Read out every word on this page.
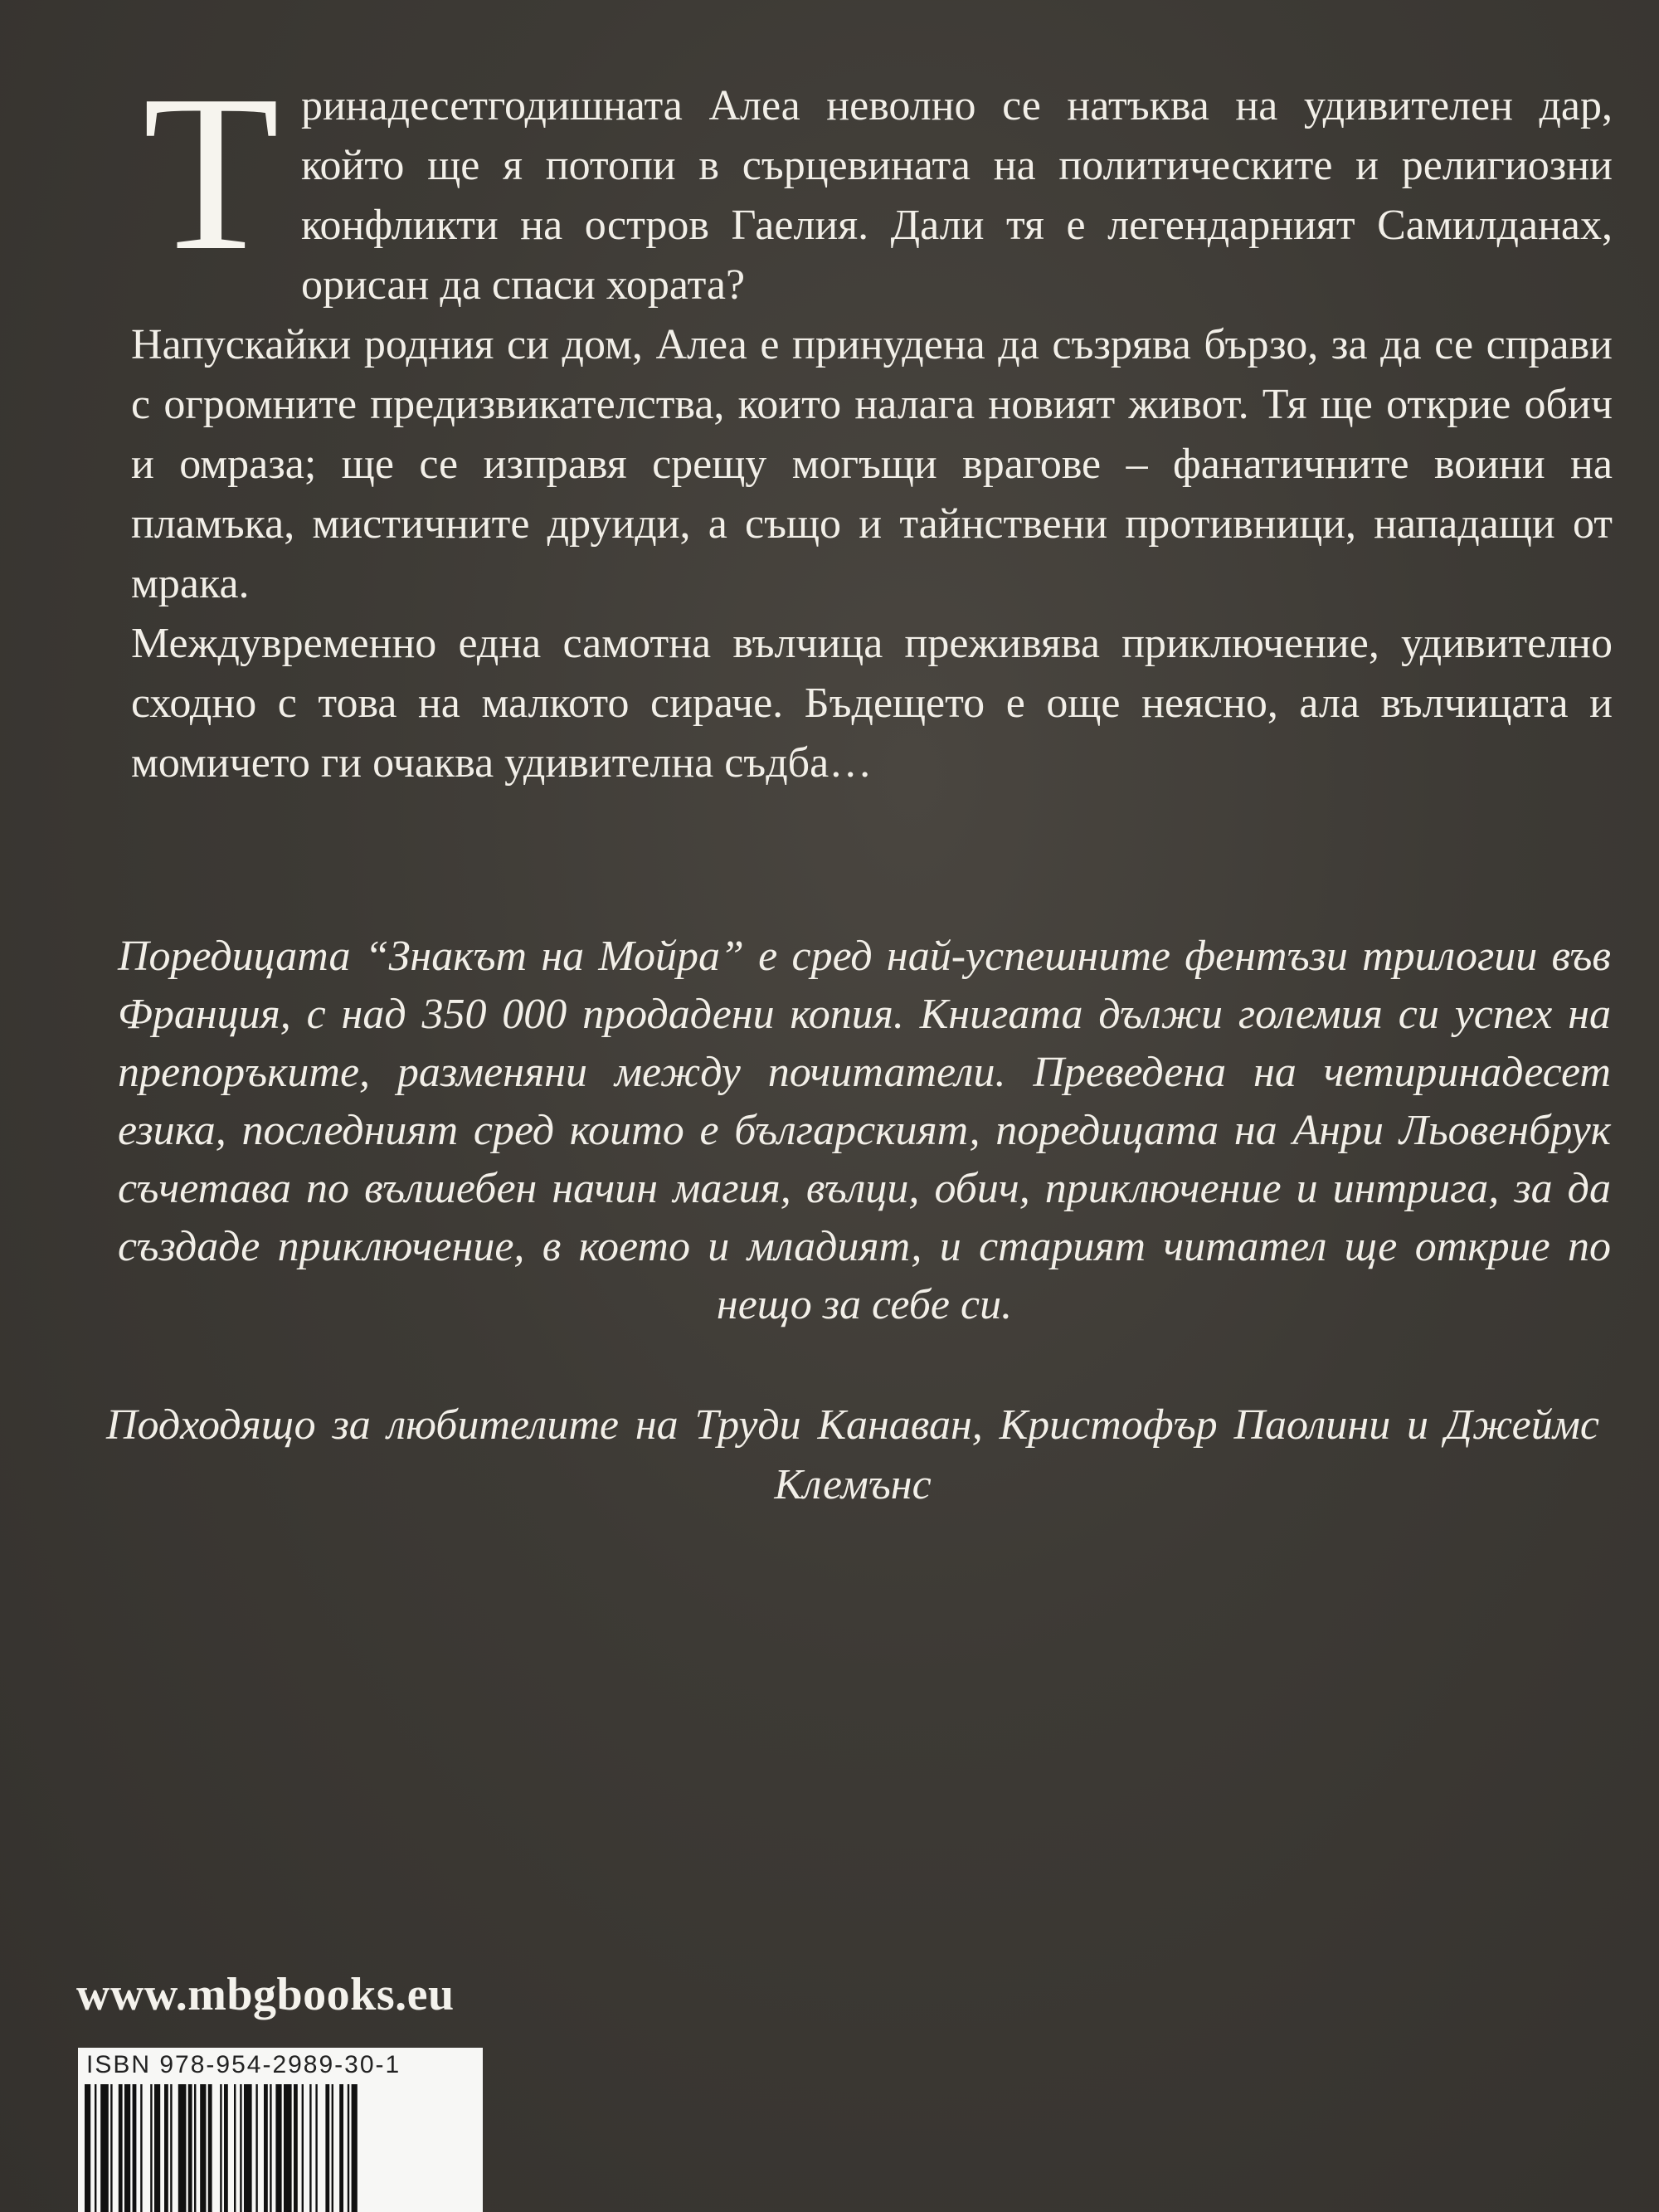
Тринадесетгодишната Алеа неволно се натъква на удивителен дар, който ще я потопи в сърцевината на политическите и религиозни конфликти на остров Гаелия. Дали тя е легендарният Самилданах, орисан да спаси хората?

Напускайки родния си дом, Алеа е принудена да съзрява бързо, за да се справи с огромните предизвикателства, които налага новият живот. Тя ще открие обич и омраза; ще се изправя срещу могъщи врагове – фанатичните воини на пламъка, мистичните друиди, а също и тайнствени противници, нападащи от мрака.

Междувременно една самотна вълчица преживява приключение, удивително сходно с това на малкото сираче. Бъдещето е още неясно, ала вълчицата и момичето ги очаква удивителна съдба…

Поредицата “Знакът на Мойра” е сред най-успешните фентъзи трилогии във Франция, с над 350 000 продадени копия. Книгата дължи големия си успех на препоръките, разменяни между почитатели. Преведена на четиринадесет езика, последният сред които е българският, поредицата на Анри Льовенбрук съчетава по вълшебен начин магия, вълци, обич, приключение и интрига, за да създаде приключение, в което и младият, и старият читател ще открие по нещо за себе си.

Подходящо за любителите на Труди Канаван, Кристофър Паолини и Джеймс Клемънс

www.mbgbooks.eu
ISBN 978-954-2989-30-1
